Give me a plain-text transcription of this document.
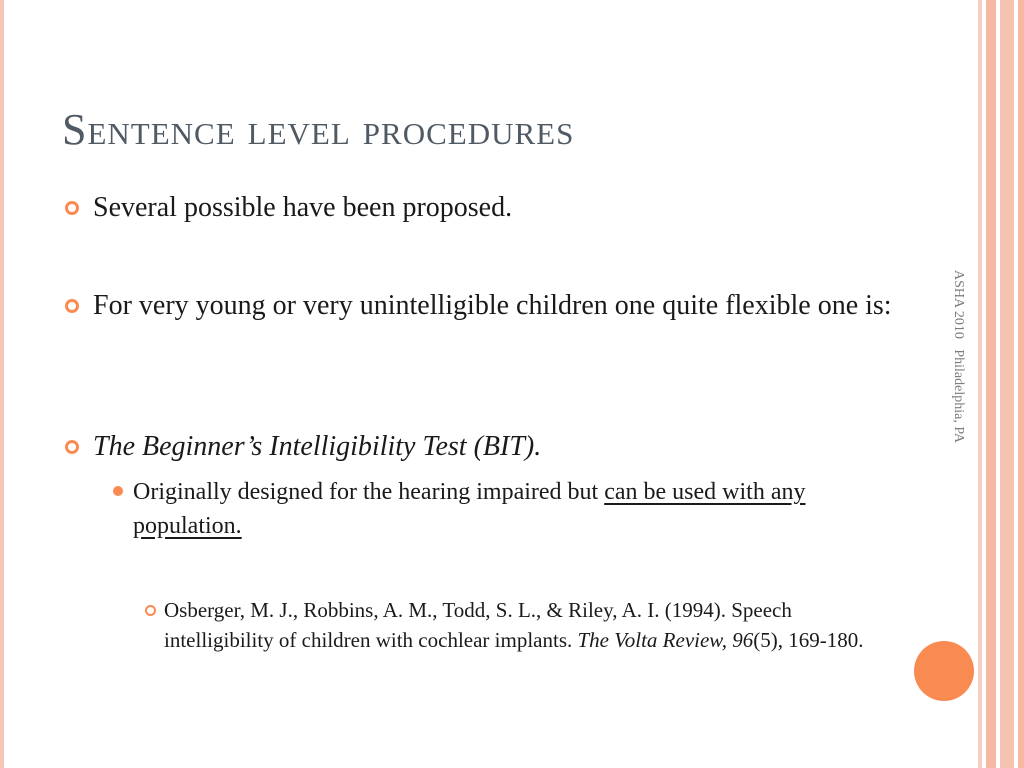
Sentence level procedures
ASHA 2010   Philadelphia, PA
Several possible have been proposed.
For very young or very unintelligible children one quite flexible one is:
The Beginner’s Intelligibility Test (BIT).
Originally designed for the hearing impaired but can be used with any population.
Osberger, M. J., Robbins, A. M., Todd, S. L., & Riley, A. I. (1994). Speech intelligibility of children with cochlear implants. The Volta Review, 96(5), 169-180.
